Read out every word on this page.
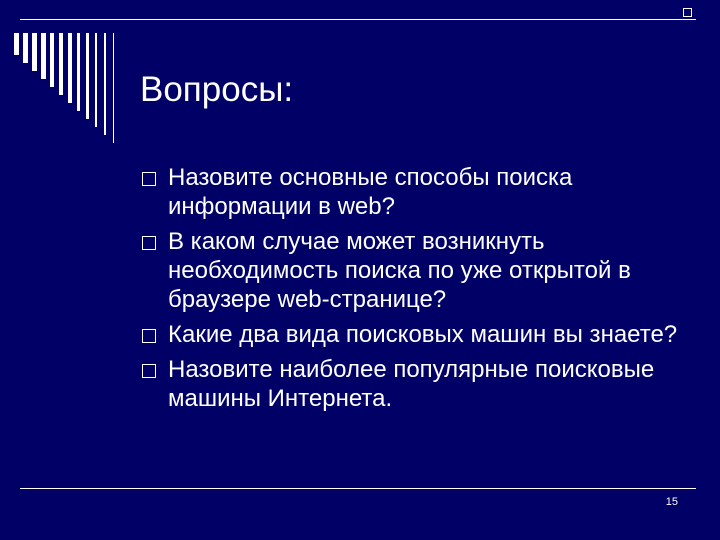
Вопросы:
Назовите основные способы поиска информации в web?
В каком случае может возникнуть необходимость поиска по уже открытой в браузере web-странице?
Какие два вида поисковых машин вы знаете?
Назовите наиболее популярные поисковые машины Интернета.
15
